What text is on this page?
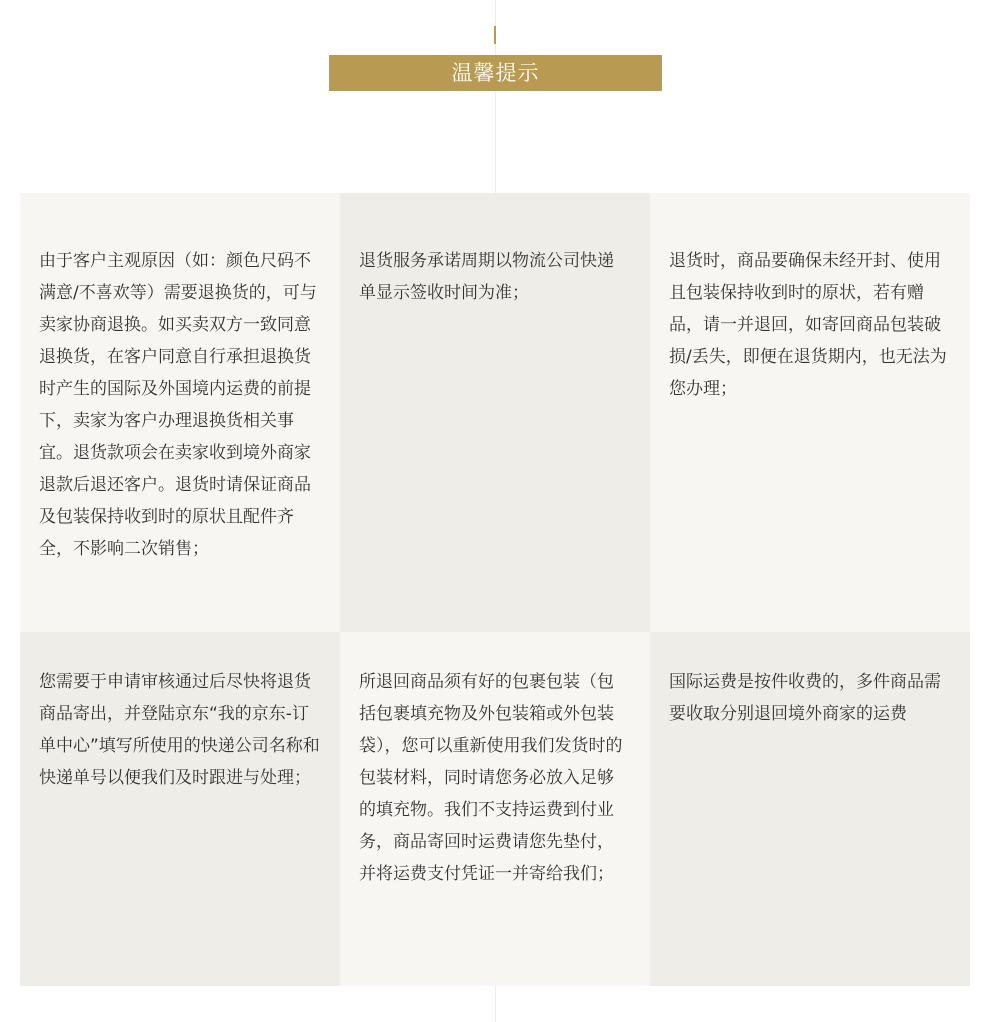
温馨提示

由于客户主观原因（如：颜色尺码不满意/不喜欢等）需要退换货的，可与卖家协商退换。如买卖双方一致同意退换货，在客户同意自行承担退换货时产生的国际及外国境内运费的前提下，卖家为客户办理退换货相关事宜。退货款项会在卖家收到境外商家退款后退还客户。退货时请保证商品及包装保持收到时的原状且配件齐全，不影响二次销售；

退货服务承诺周期以物流公司快递单显示签收时间为准；

退货时，商品要确保未经开封、使用且包装保持收到时的原状，若有赠品，请一并退回，如寄回商品包装破损/丢失，即便在退货期内，也无法为您办理；

您需要于申请审核通过后尽快将退货商品寄出，并登陆京东“我的京东-订单中心”填写所使用的快递公司名称和快递单号以便我们及时跟进与处理；

所退回商品须有好的包裹包装（包括包裹填充物及外包装箱或外包装袋），您可以重新使用我们发货时的包装材料，同时请您务必放入足够的填充物。我们不支持运费到付业务，商品寄回时运费请您先垫付，并将运费支付凭证一并寄给我们；

国际运费是按件收费的，多件商品需要收取分别退回境外商家的运费
